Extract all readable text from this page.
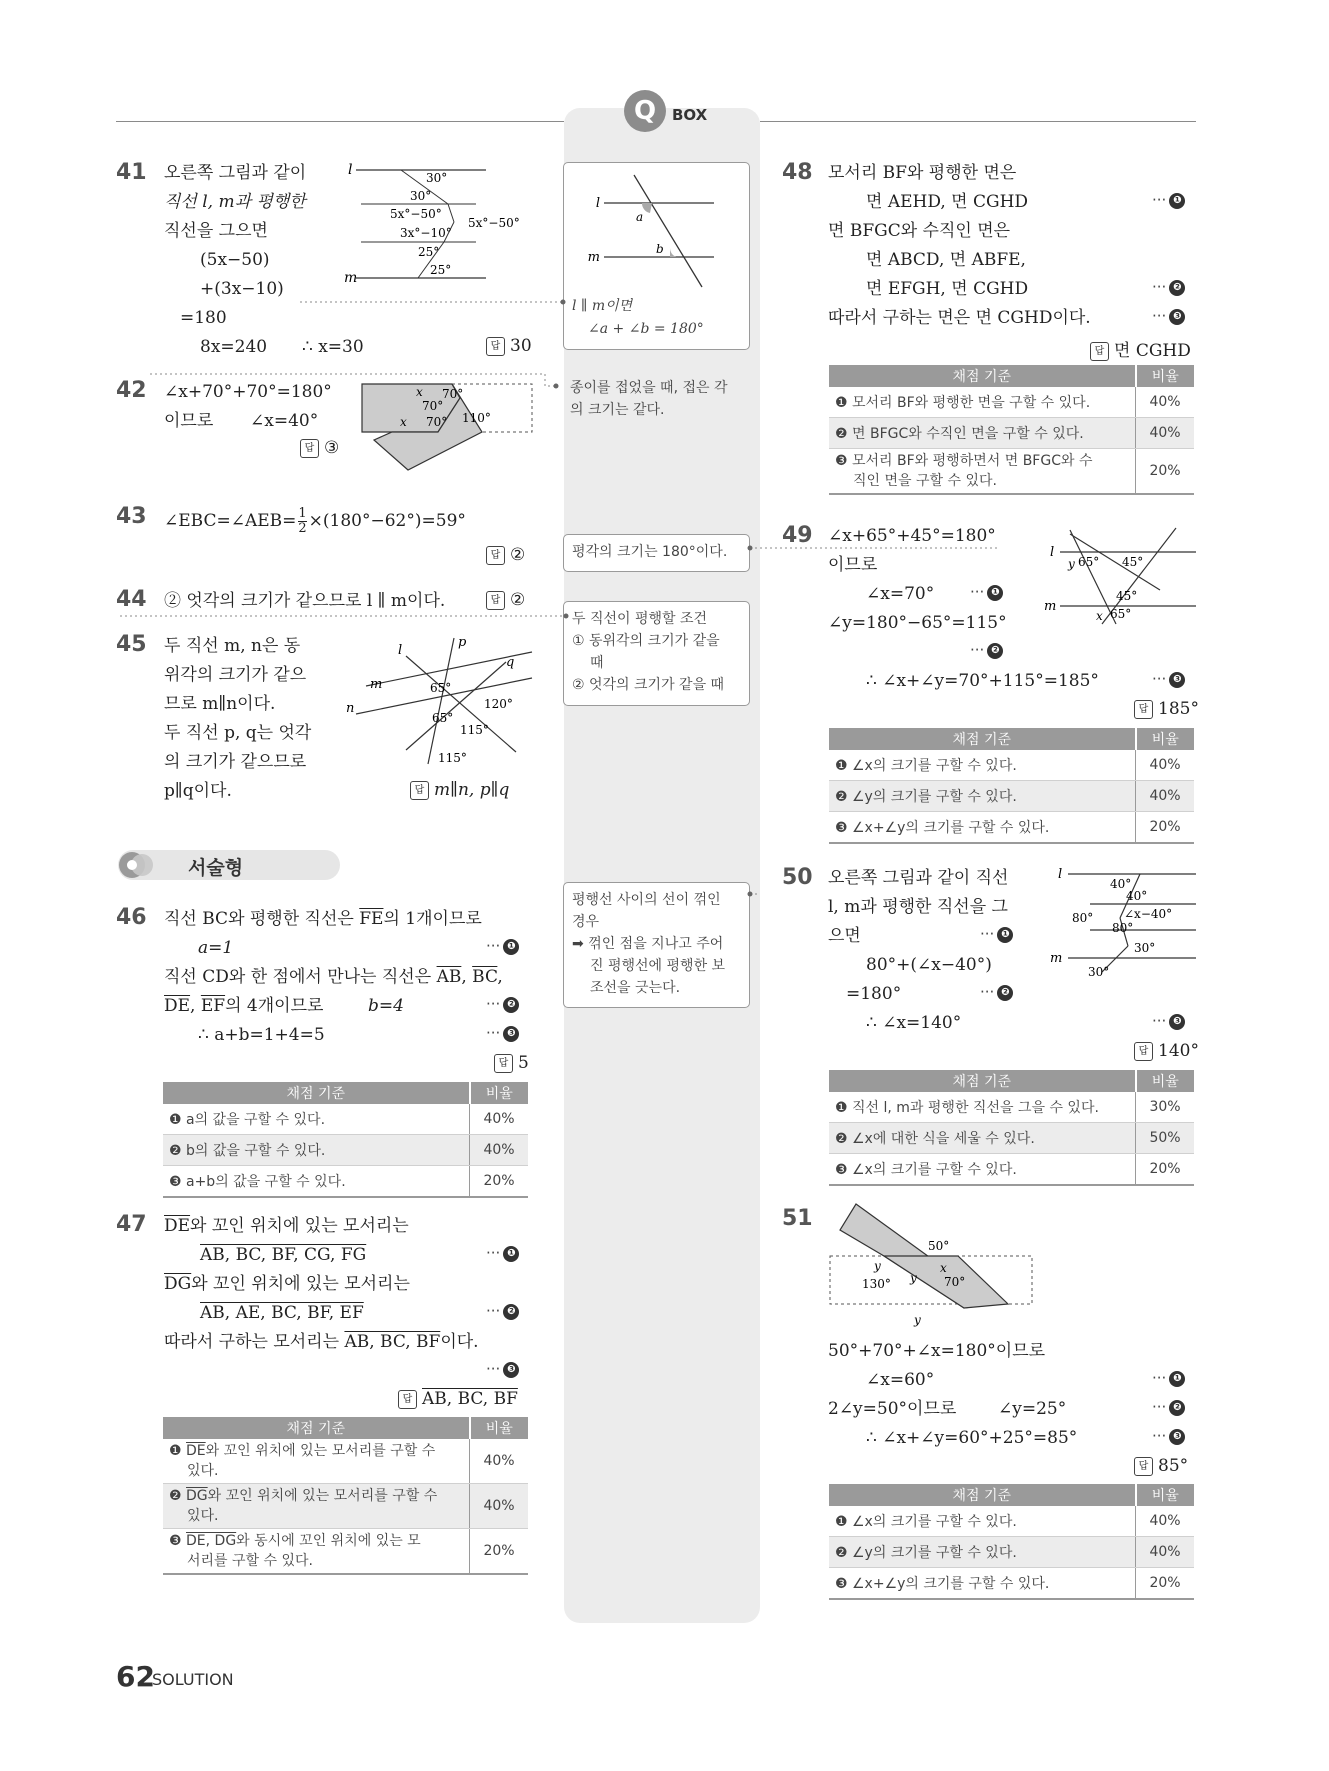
Q	BOX
l
m
a
b
l ∥ m이면
∠a + ∠b = 180°
종이를 접었을 때, 접은 각
의 크기는 같다.
평각의 크기는 180°이다.
두 직선이 평행할 조건
① 동위각의 크기가 같을
때
② 엇각의 크기가 같을 때
평행선 사이의 선이 꺾인
경우
➡ 꺾인 점을 지나고 주어
진 평행선에 평행한 보
조선을 긋는다.
41 오른쪽 그림과 같이
직선 l, m과 평행한
직선을 그으면
(5x−50)
+(3x−10)
=180
8x=240 ∴ x=30	답 30
l
m
30°
30°
5x°−50°
3x°−10°
5x°−50°
25°
25°
42 ∠x+70°+70°=180°
이므로 ∠x=40°
답 ③
x 70°
70°
x 70° 110°
43 ∠EBC=∠AEB= $\frac{1}{2} \times(180^\circ-62^\circ)=59^\circ$
답 ②
44 ② 엇각의 크기가 같으므로 l ∥ m이다.	답 ②
45 두 직선 m, n은 동
위각의 크기가 같으
므로 m∥n이다.
두 직선 p, q는 엇각
의 크기가 같으므로
p∥q이다.	답 m∥n, p∥q
l
p
q
m
n
65°
120°
65°
115°
115°
서술형
46 직선 BC와 평행한 직선은 $\overline{FE}$의 1개이므로
a=1	··· ❶
직선 CD와 한 점에서 만나는 직선은 $\overline{AB}$, $\overline{BC}$,
$\overline{DE}$, $\overline{EF}$의 4개이므로	b=4	··· ❷
∴ a+b=1+4=5	··· ❸
답 5
채점 기준	비율
❶ a의 값을 구할 수 있다.	40%
❷ b의 값을 구할 수 있다.	40%
❸ a+b의 값을 구할 수 있다.	20%
47 $\overline{DE}$와 꼬인 위치에 있는 모서리는
AB, BC, BF, CG, FG	··· ❶
$\overline{DG}$와 꼬인 위치에 있는 모서리는
AB, AE, BC, BF, EF	··· ❷
따라서 구하는 모서리는 AB, BC, BF이다.
··· ❸
답 AB, BC, BF
채점 기준	비율
❶ $\overline{DE}$와 꼬인 위치에 있는 모서리를 구할 수
있다.	40%
❷ $\overline{DG}$와 꼬인 위치에 있는 모서리를 구할 수
있다.	40%
❸ DE, DG와 동시에 꼬인 위치에 있는 모
서리를 구할 수 있다.	20%
48 모서리 BF와 평행한 면은
면 AEHD, 면 CGHD	··· ❶
면 BFGC와 수직인 면은
면 ABCD, 면 ABFE,
면 EFGH, 면 CGHD	··· ❷
따라서 구하는 면은 면 CGHD이다.	··· ❸
답 면 CGHD
채점 기준	비율
❶ 모서리 BF와 평행한 면을 구할 수 있다.	40%
❷ 면 BFGC와 수직인 면을 구할 수 있다.	40%
❸ 모서리 BF와 평행하면서 면 BFGC와 수
직인 면을 구할 수 있다.	20%
49 ∠x+65°+45°=180°
이므로
∠x=70° ··· ❶
∠y=180°−65°=115°
··· ❷
∴ ∠x+∠y=70°+115°=185°	··· ❸
답 185°
l
m
y 65° 45°
45°
x 65°
채점 기준	비율
❶ ∠x의 크기를 구할 수 있다.	40%
❷ ∠y의 크기를 구할 수 있다.	40%
❸ ∠x+∠y의 크기를 구할 수 있다.	20%
50 오른쪽 그림과 같이 직선
l, m과 평행한 직선을 그
으면	··· ❶
80°+(∠x−40°)
=180°	··· ❷
∴ ∠x=140°	··· ❸
답 140°
l
m
40°
40°
80°	∠x−40°
80°
30°
30°
채점 기준	비율
❶ 직선 l, m과 평행한 직선을 그을 수 있다.	30%
❷ ∠x에 대한 식을 세울 수 있다.	50%
❸ ∠x의 크기를 구할 수 있다.	20%
51
50°
130°
y
y
x
70°
y
50°+70°+∠x=180°이므로
∠x=60°	··· ❶
2∠y=50°이므로 ∠y=25°	··· ❷
∴ ∠x+∠y=60°+25°=85°	··· ❸
답 85°
채점 기준	비율
❶ ∠x의 크기를 구할 수 있다.	40%
❷ ∠y의 크기를 구할 수 있다.	40%
❸ ∠x+∠y의 크기를 구할 수 있다.	20%
62
SOLUTION
